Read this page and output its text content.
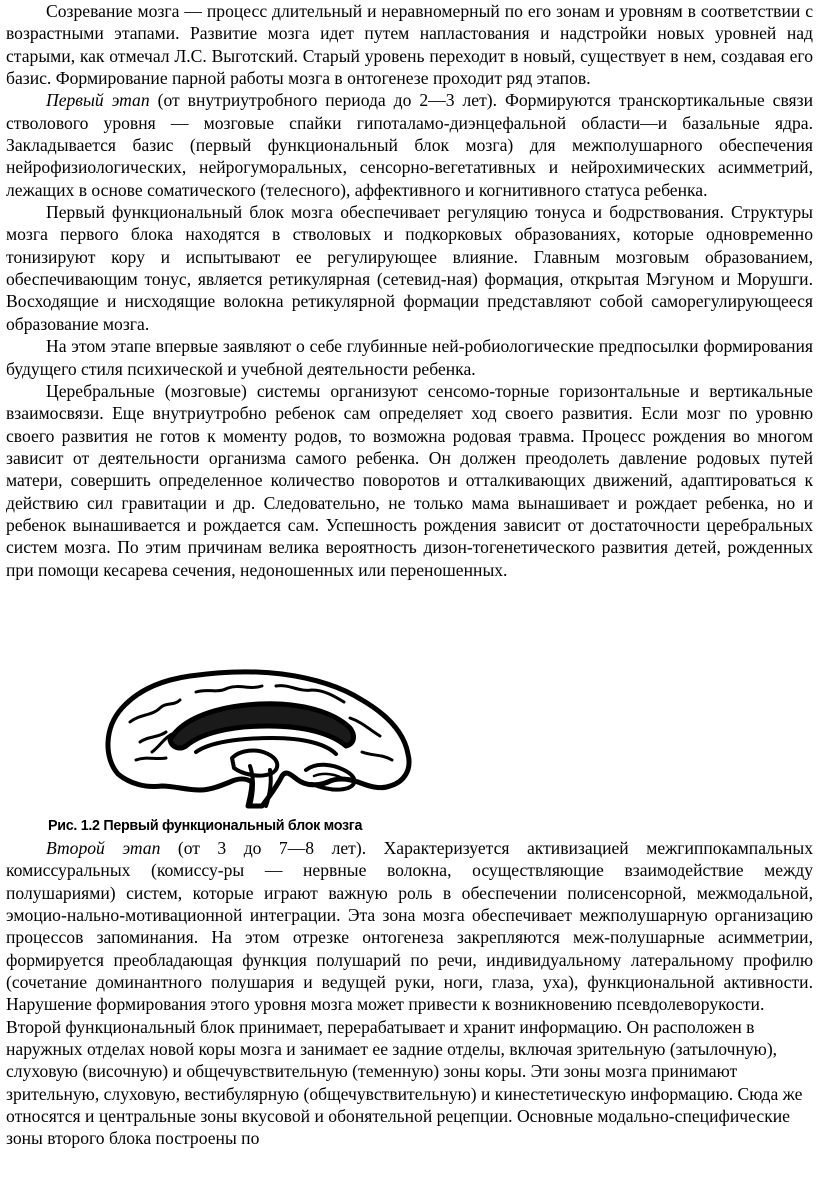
Созревание мозга — процесс длительный и неравномерный по его зонам и уровням в соответствии с возрастными этапами. Развитие мозга идет путем напластования и надстройки новых уровней над старыми, как отмечал Л.С. Выготский. Старый уровень переходит в новый, существует в нем, создавая его базис. Формирование парной работы мозга в онтогенезе проходит ряд этапов.

Первый этап (от внутриутробного периода до 2—3 лет). Формируются транскортикальные связи стволового уровня — мозговые спайки гипоталамо-диэнцефальной области—и базальные ядра. Закладывается базис (первый функциональный блок мозга) для межполушарного обеспечения нейрофизиологических, нейрогуморальных, сенсорно-вегетативных и нейрохимических асимметрий, лежащих в основе соматического (телесного), аффективного и когнитивного статуса ребенка.

Первый функциональный блок мозга обеспечивает регуляцию тонуса и бодрствования. Структуры мозга первого блока находятся в стволовых и подкорковых образованиях, которые одновременно тонизируют кору и испытывают ее регулирующее влияние. Главным мозговым образованием, обеспечивающим тонус, является ретикулярная (сетевид-ная) формация, открытая Мэгуном и Морушги. Восходящие и нисходящие волокна ретикулярной формации представляют собой саморегулирующееся образование мозга.

На этом этапе впервые заявляют о себе глубинные ней-робиологические предпосылки формирования будущего стиля психической и учебной деятельности ребенка.

Церебральные (мозговые) системы организуют сенсомо-торные горизонтальные и вертикальные взаимосвязи. Еще внутриутробно ребенок сам определяет ход своего развития. Если мозг по уровню своего развития не готов к моменту родов, то возможна родовая травма. Процесс рождения во многом зависит от деятельности организма самого ребенка. Он должен преодолеть давление родовых путей матери, совершить определенное количество поворотов и отталкивающих движений, адаптироваться к действию сил гравитации и др. Следовательно, не только мама вынашивает и рождает ребенка, но и ребенок вынашивается и рождается сам. Успешность рождения зависит от достаточности церебральных систем мозга. По этим причинам велика вероятность дизон-тогенетического развития детей, рожденных при помощи кесарева сечения, недоношенных или переношенных.

Рис. 1.2 Первый функциональный блок мозга

Второй этап (от 3 до 7—8 лет). Характеризуется активизацией межгиппокампальных комиссуральных (комиссу-ры — нервные волокна, осуществляющие взаимодействие между полушариями) систем, которые играют важную роль в обеспечении полисенсорной, межмодальной, эмоцио-нальнo-мотивационной интеграции. Эта зона мозга обеспечивает межполушарную организацию процессов запоминания. На этом отрезке онтогенеза закрепляются меж-полушарные асимметрии, формируется преобладающая функция полушарий по речи, индивидуальному латеральному профилю (сочетание доминантного полушария и ведущей руки, ноги, глаза, уха), функциональной активности. Нарушение формирования этого уровня мозга может привести к возникновению псевдолеворукости.

Второй функциональный блок принимает, перерабатывает и хранит информацию. Он расположен в наружных отделах новой коры мозга и занимает ее задние отделы, включая зрительную (затылочную), слуховую (височную) и общечувствительную (теменную) зоны коры. Эти зоны мозга принимают зрительную, слуховую, вестибулярную (общечувствительную) и кинестетическую информацию. Сюда же относятся и центральные зоны вкусовой и обонятельной рецепции. Основные модально-специфические зоны второго блока построены по
